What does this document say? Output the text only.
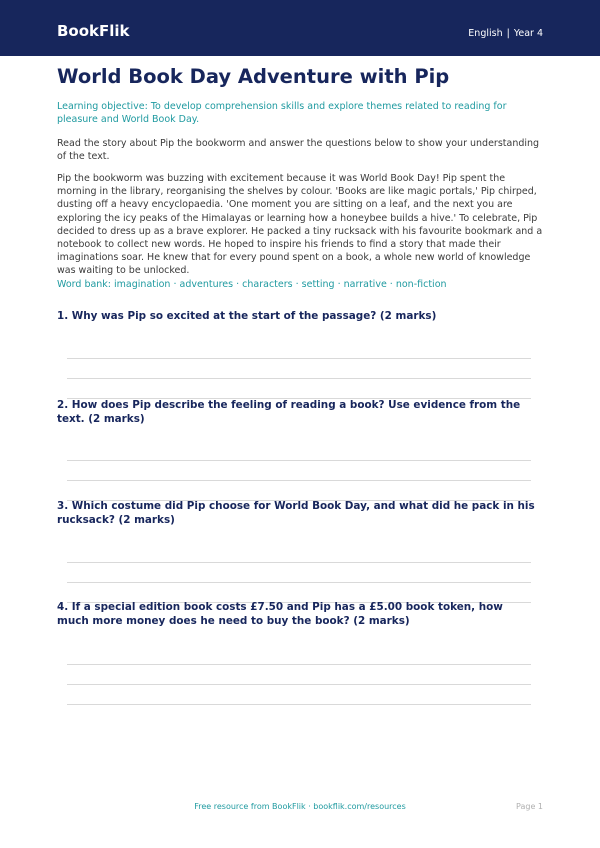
BookFlik	English | Year 4
World Book Day Adventure with Pip

Learning objective: To develop comprehension skills and explore themes related to reading for pleasure and World Book Day.

Read the story about Pip the bookworm and answer the questions below to show your understanding of the text.

Pip the bookworm was buzzing with excitement because it was World Book Day! Pip spent the morning in the library, reorganising the shelves by colour. 'Books are like magic portals,' Pip chirped, dusting off a heavy encyclopaedia. 'One moment you are sitting on a leaf, and the next you are exploring the icy peaks of the Himalayas or learning how a honeybee builds a hive.' To celebrate, Pip decided to dress up as a brave explorer. He packed a tiny rucksack with his favourite bookmark and a notebook to collect new words. He hoped to inspire his friends to find a story that made their imaginations soar. He knew that for every pound spent on a book, a whole new world of knowledge was waiting to be unlocked.

Word bank: imagination · adventures · characters · setting · narrative · non-fiction

1. Why was Pip so excited at the start of the passage? (2 marks)

2. How does Pip describe the feeling of reading a book? Use evidence from the text. (2 marks)

3. Which costume did Pip choose for World Book Day, and what did he pack in his rucksack? (2 marks)

4. If a special edition book costs £7.50 and Pip has a £5.00 book token, how much more money does he need to buy the book? (2 marks)

Free resource from BookFlik · bookflik.com/resources	Page 1
